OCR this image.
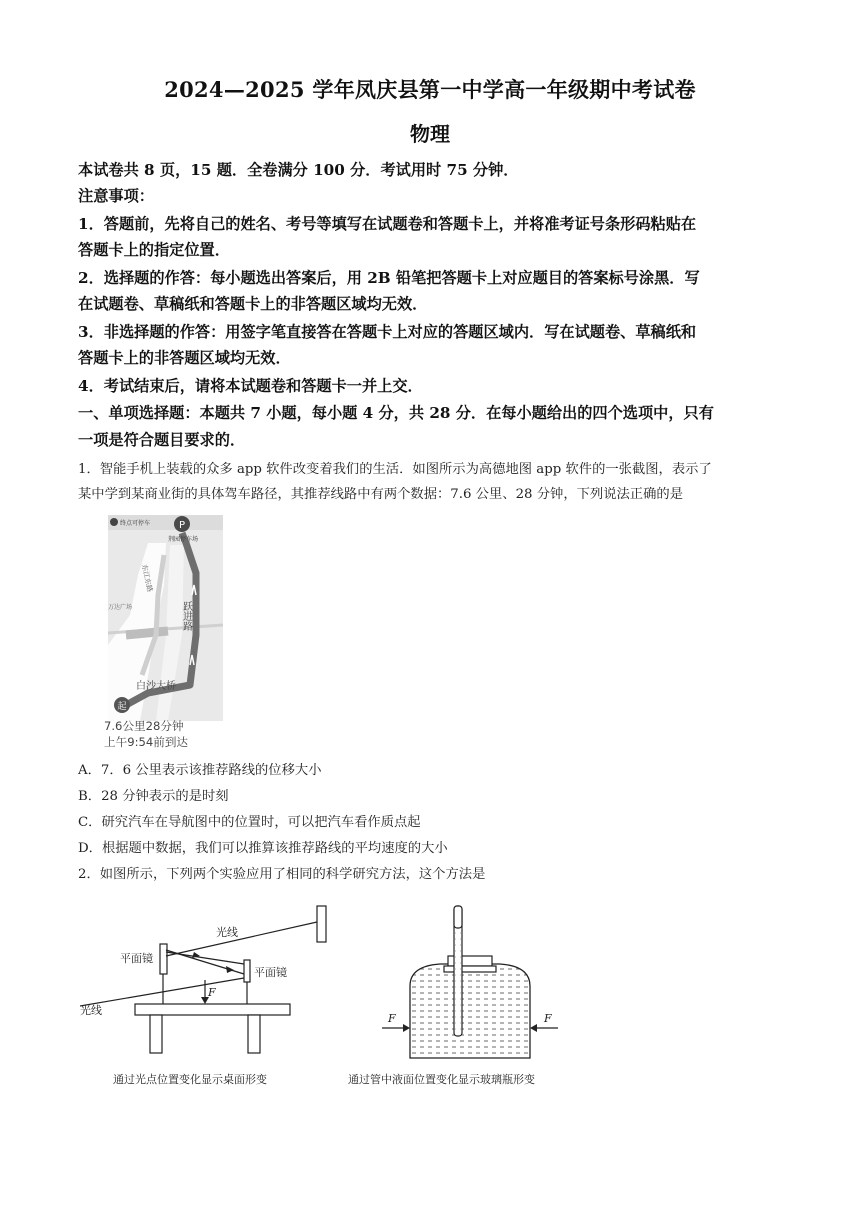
2024—2025 学年凤庆县第一中学高一年级期中考试卷
物理
本试卷共 8 页，15 题．全卷满分 100 分．考试用时 75 分钟．
注意事项：
1．答题前，先将自己的姓名、考号等填写在试题卷和答题卡上，并将准考证号条形码粘贴在
答题卡上的指定位置．
2．选择题的作答：每小题选出答案后，用 2B 铅笔把答题卡上对应题目的答案标号涂黑．写
在试题卷、草稿纸和答题卡上的非答题区域均无效．
3．非选择题的作答：用签字笔直接答在答题卡上对应的答题区域内．写在试题卷、草稿纸和
答题卡上的非答题区域均无效．
4．考试结束后，请将本试题卷和答题卡一并上交．
一、单项选择题：本题共 7 小题，每小题 4 分，共 28 分．在每小题给出的四个选项中，只有
一项是符合题目要求的．
1．智能手机上装载的众多 app 软件改变着我们的生活．如图所示为高德地图 app 软件的一张截图，表示了
某中学到某商业街的具体驾车路径，其推荐线路中有两个数据：7.6 公里、28 分钟，下列说法正确的是
P
终点可停车
荆园停车场
东江东路
跃进路
万达广场
白沙大桥
起
7.6公里28分钟
上午9:54前到达
A．7．6 公里表示该推荐路线的位移大小
B．28 分钟表示的是时刻
C．研究汽车在导航图中的位置时，可以把汽车看作质点起
D．根据题中数据，我们可以推算该推荐路线的平均速度的大小
2．如图所示，下列两个实验应用了相同的科学研究方法，这个方法是
平面镜
平面镜
光线
光线
F
通过光点位置变化显示桌面形变
F	F
通过管中液面位置变化显示玻璃瓶形变
